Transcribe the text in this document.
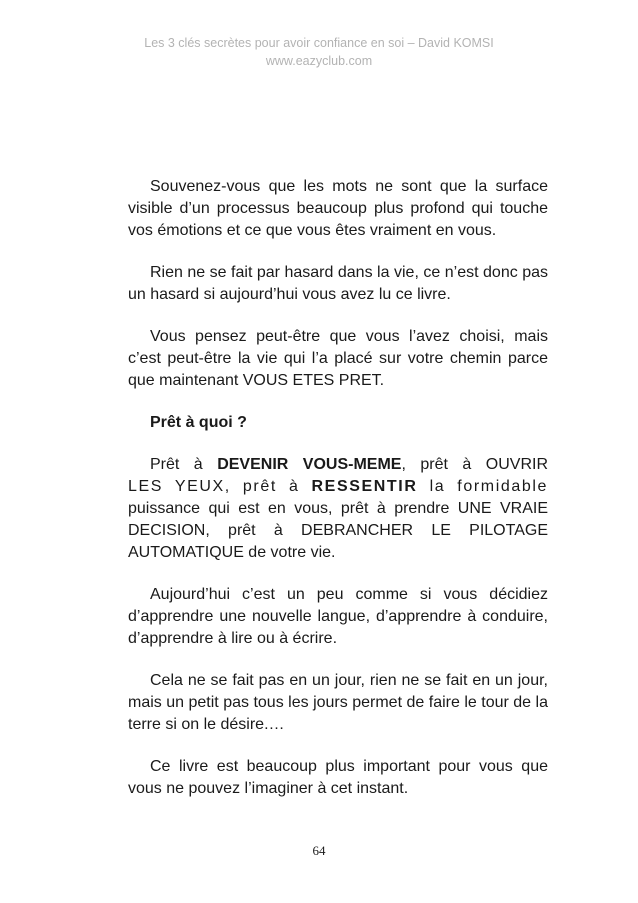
Les 3 clés secrètes pour avoir confiance en soi – David KOMSI
www.eazyclub.com

Souvenez-vous que les mots ne sont que la surface visible d’un processus beaucoup plus profond qui touche vos émotions et ce que vous êtes vraiment en vous.

Rien ne se fait par hasard dans la vie, ce n’est donc pas un hasard si aujourd’hui vous avez lu ce livre.

Vous pensez peut-être que vous l’avez choisi, mais c’est peut-être la vie qui l’a placé sur votre chemin parce que maintenant VOUS ETES PRET.

Prêt à quoi ?

Prêt à DEVENIR VOUS-MEME, prêt à OUVRIR
LES YEUX, prêt à RESSENTIR la formidable
puissance qui est en vous, prêt à prendre UNE VRAIE DECISION, prêt à DEBRANCHER LE PILOTAGE AUTOMATIQUE de votre vie.

Aujourd’hui c’est un peu comme si vous décidiez d’apprendre une nouvelle langue, d’apprendre à conduire, d’apprendre à lire ou à écrire.

Cela ne se fait pas en un jour, rien ne se fait en un jour, mais un petit pas tous les jours permet de faire le tour de la terre si on le désire.…

Ce livre est beaucoup plus important pour vous que vous ne pouvez l’imaginer à cet instant.

64
